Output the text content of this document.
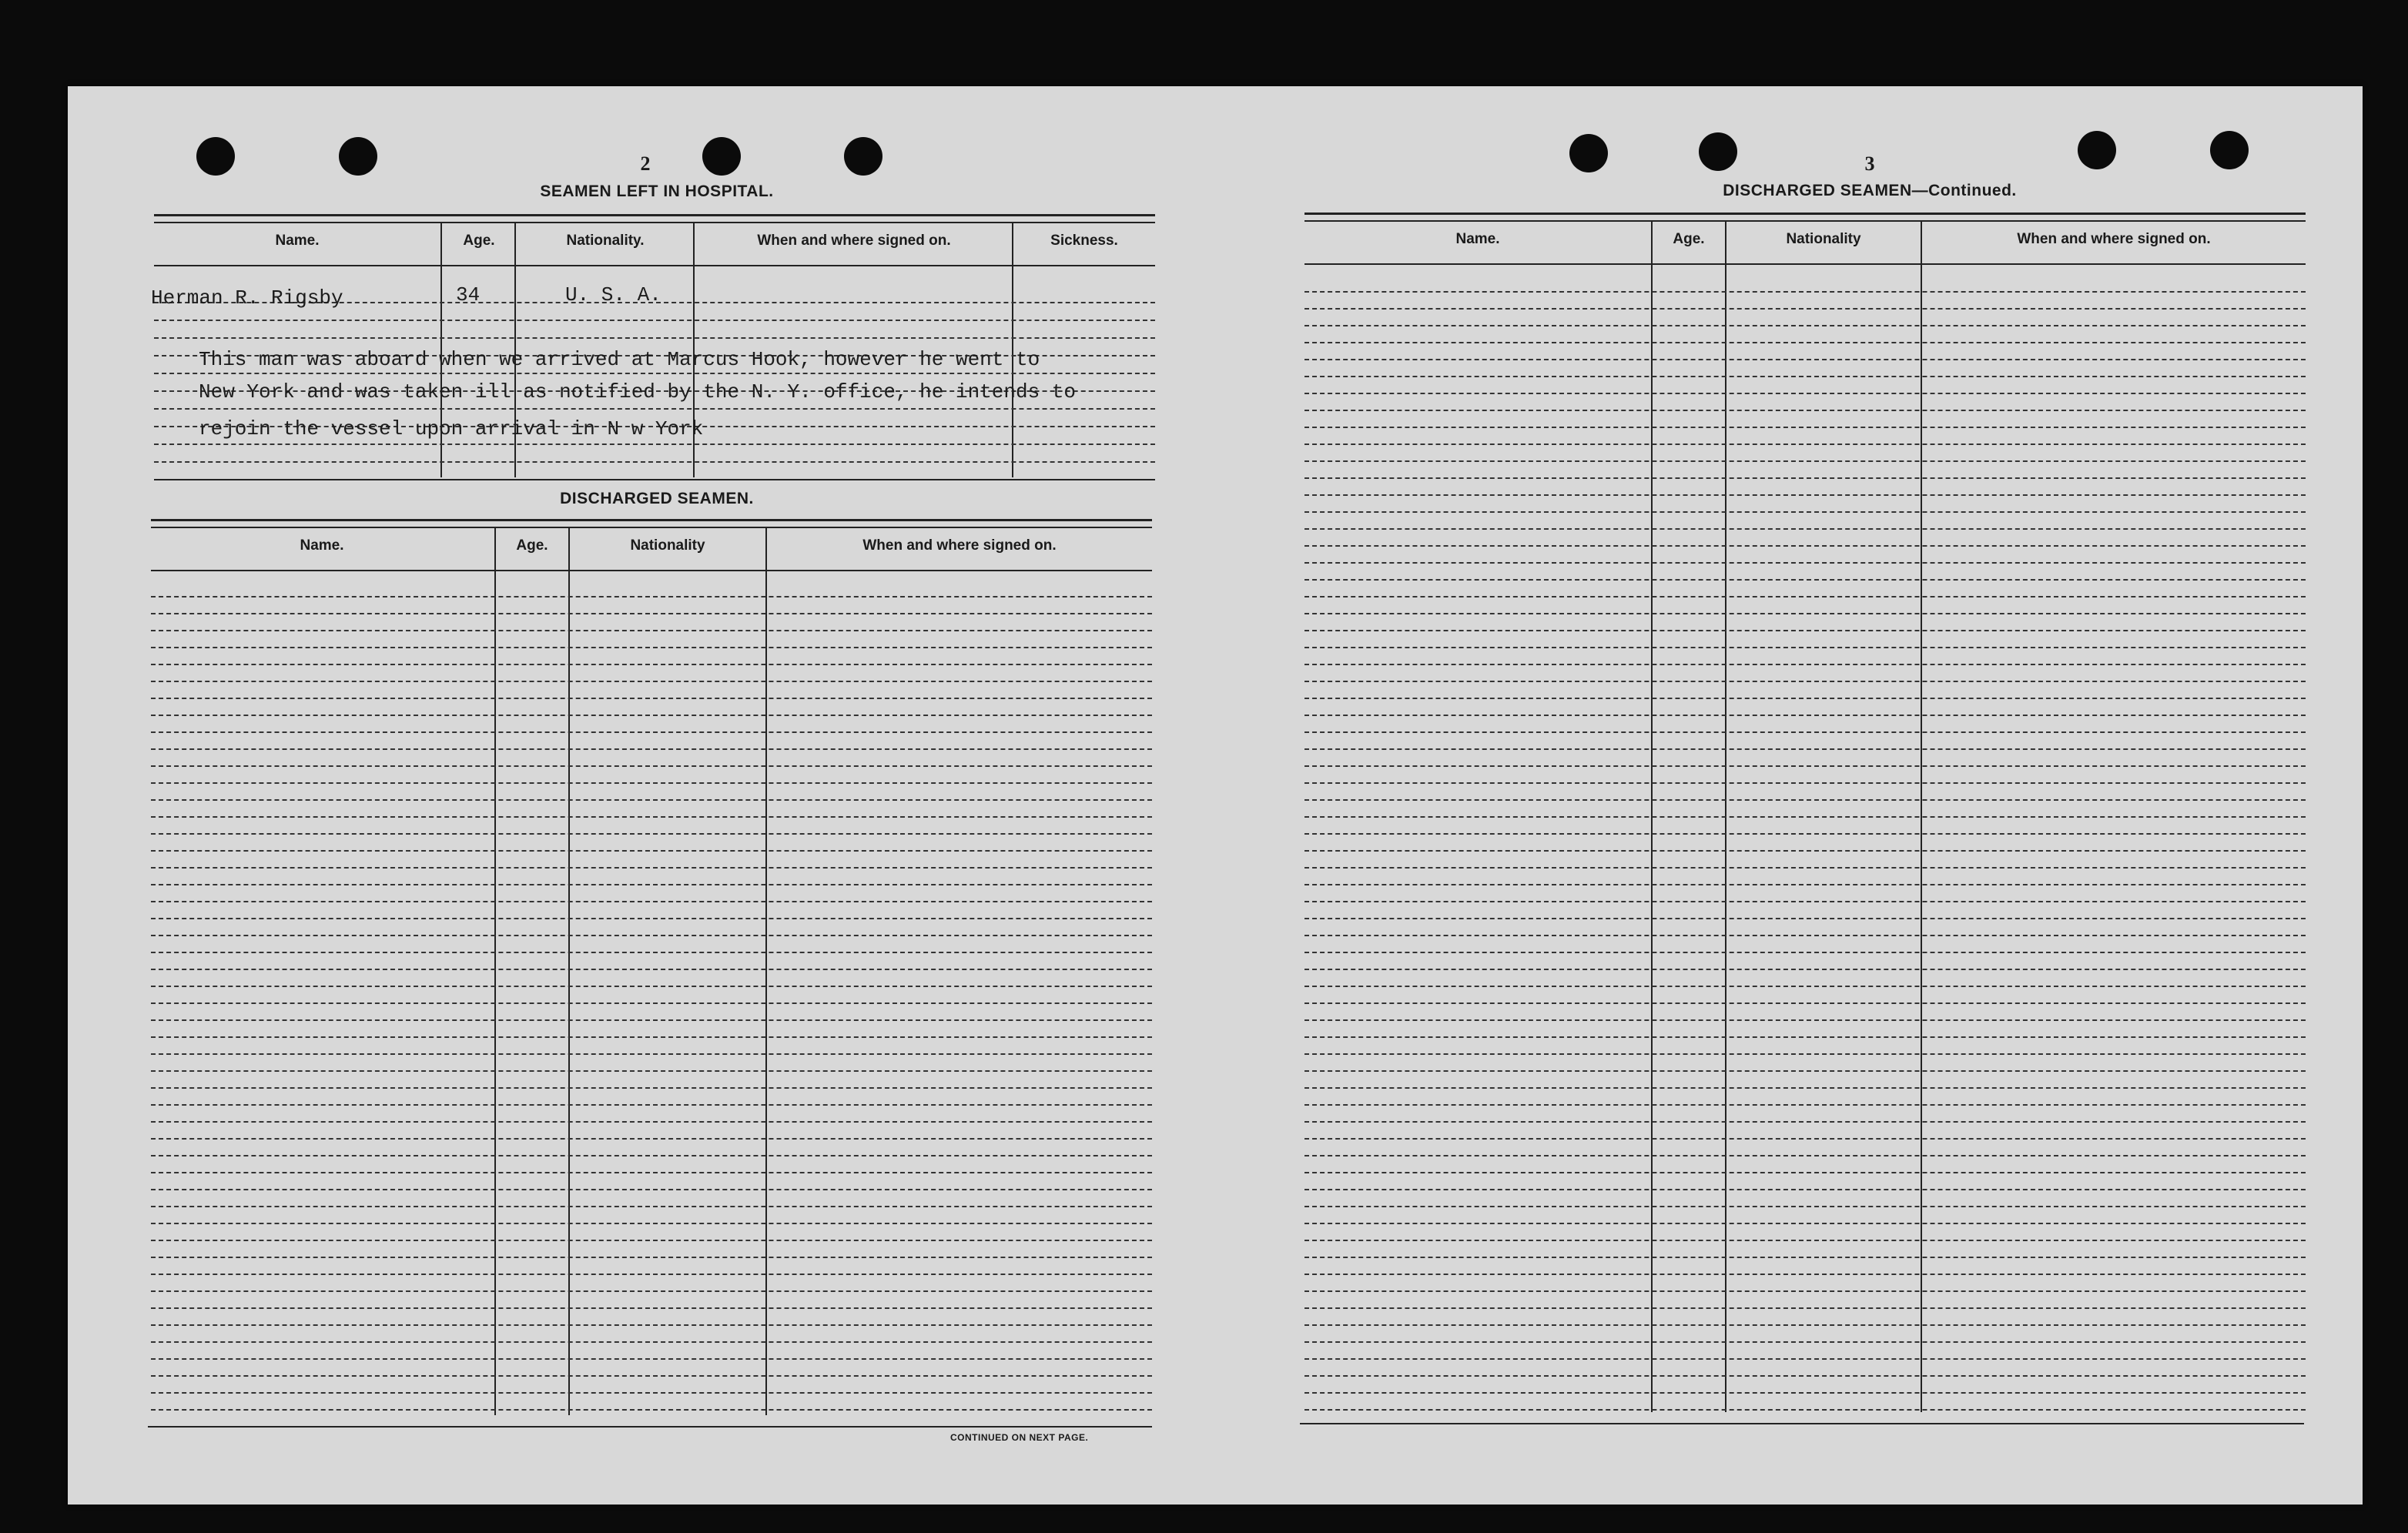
2
SEAMEN LEFT IN HOSPITAL.
Name.	Age.	Nationality.	When and where signed on.	Sickness.
Herman R. Rigsby	34	U. S. A.
This man was aboard when we arrived at Marcus Hook, however he went to
New York and was taken ill as notified by the N. Y. office, he intends to
rejoin the vessel upon arrival in N w York
DISCHARGED SEAMEN.
Name.	Age.	Nationality	When and where signed on.
CONTINUED ON NEXT PAGE.
3
DISCHARGED SEAMEN—Continued.
Name.	Age.	Nationality	When and where signed on.
